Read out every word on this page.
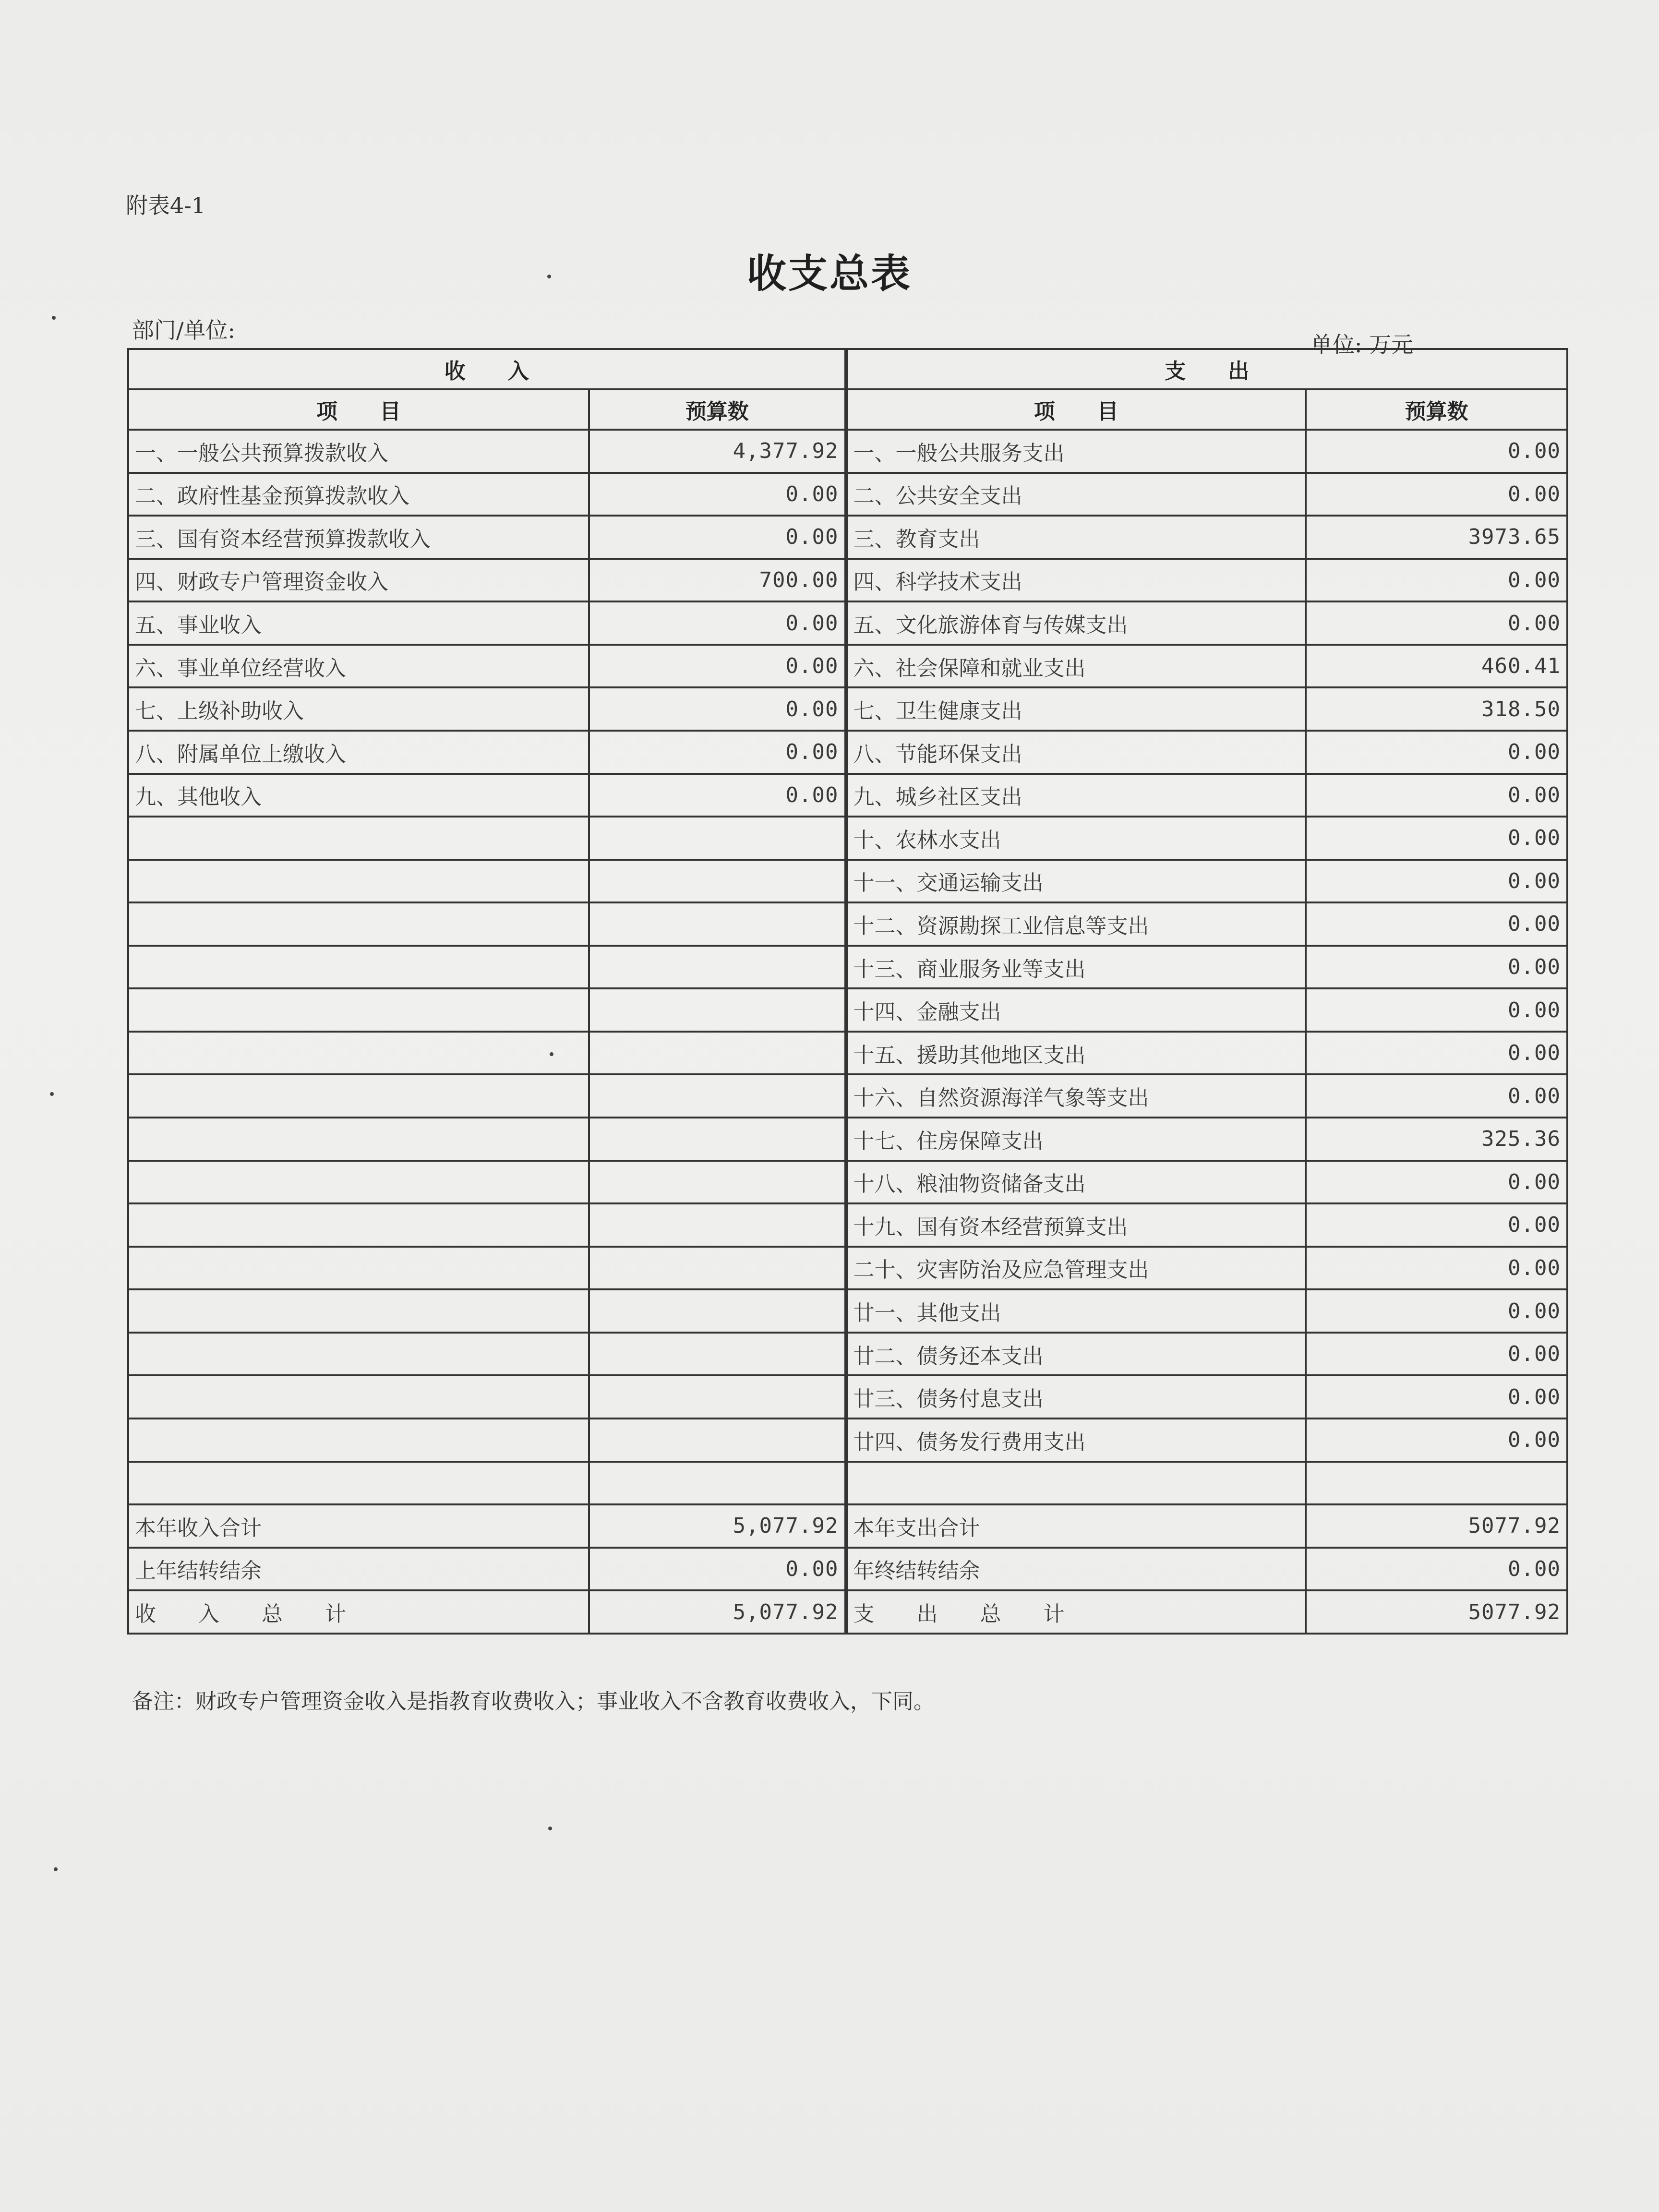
附表4-1
收支总表
部门/单位:
单位: 万元
收　　入		支　　出	
项　　目	预算数	项　　目	预算数
一、一般公共预算拨款收入	4,377.92	一、一般公共服务支出	0.00
二、政府性基金预算拨款收入	0.00	二、公共安全支出	0.00
三、国有资本经营预算拨款收入	0.00	三、教育支出	3973.65
四、财政专户管理资金收入	700.00	四、科学技术支出	0.00
五、事业收入	0.00	五、文化旅游体育与传媒支出	0.00
六、事业单位经营收入	0.00	六、社会保障和就业支出	460.41
七、上级补助收入	0.00	七、卫生健康支出	318.50
八、附属单位上缴收入	0.00	八、节能环保支出	0.00
九、其他收入	0.00	九、城乡社区支出	0.00
		十、农林水支出	0.00
		十一、交通运输支出	0.00
		十二、资源勘探工业信息等支出	0.00
		十三、商业服务业等支出	0.00
		十四、金融支出	0.00
		十五、援助其他地区支出	0.00
		十六、自然资源海洋气象等支出	0.00
		十七、住房保障支出	325.36
		十八、粮油物资储备支出	0.00
		十九、国有资本经营预算支出	0.00
		二十、灾害防治及应急管理支出	0.00
		廿一、其他支出	0.00
		廿二、债务还本支出	0.00
		廿三、债务付息支出	0.00
		廿四、债务发行费用支出	0.00

本年收入合计	5,077.92	本年支出合计	5077.92
上年结转结余	0.00	年终结转结余	0.00
收　　入　　总　　计	5,077.92	支　　出　　总　　计	5077.92
备注：财政专户管理资金收入是指教育收费收入；事业收入不含教育收费收入，下同。
